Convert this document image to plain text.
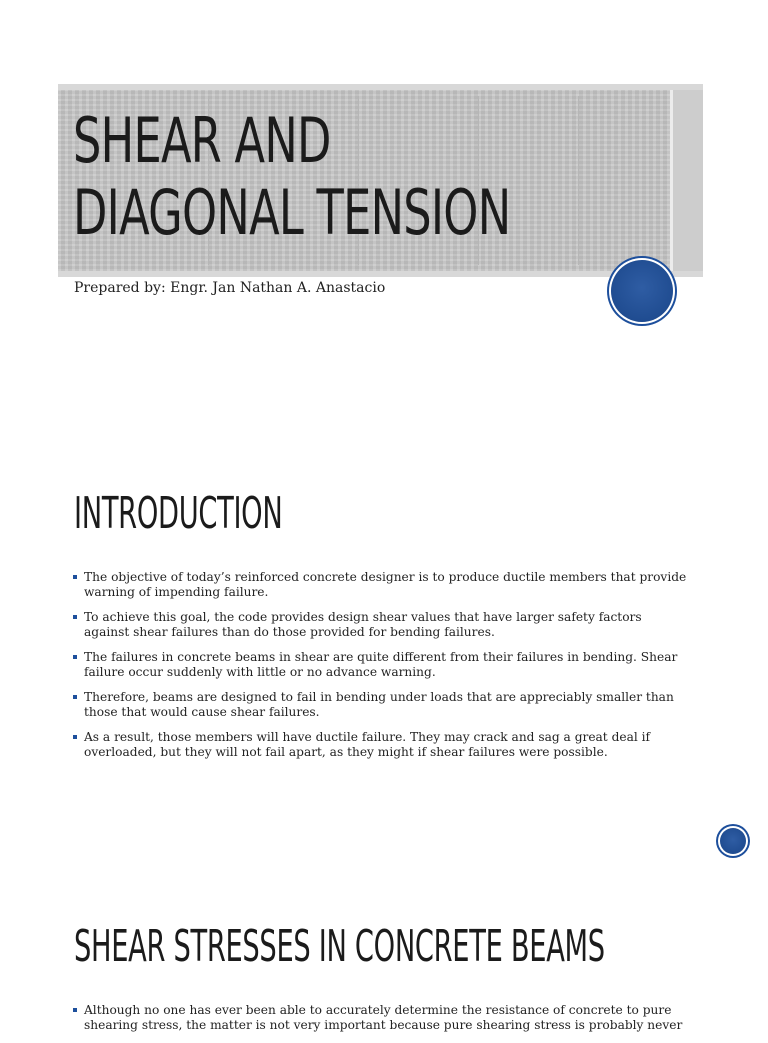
SHEAR AND
DIAGONAL TENSION
Prepared by: Engr. Jan Nathan A. Anastacio
INTRODUCTION
The objective of today’s reinforced concrete designer is to produce ductile members that provide warning of impending failure.
To achieve this goal, the code provides design shear values that have larger safety factors against shear failures than do those provided for bending failures.
The failures in concrete beams in shear are quite different from their failures in bending. Shear failure occur suddenly with little or no advance warning.
Therefore, beams are designed to fail in bending under loads that are appreciably smaller than those that would cause shear failures.
As a result, those members will have ductile failure. They may crack and sag a great deal if overloaded, but they will not fail apart, as they might if shear failures were possible.
SHEAR STRESSES IN CONCRETE BEAMS
Although no one has ever been able to accurately determine the resistance of concrete to pure shearing stress, the matter is not very important because pure shearing stress is probably never
